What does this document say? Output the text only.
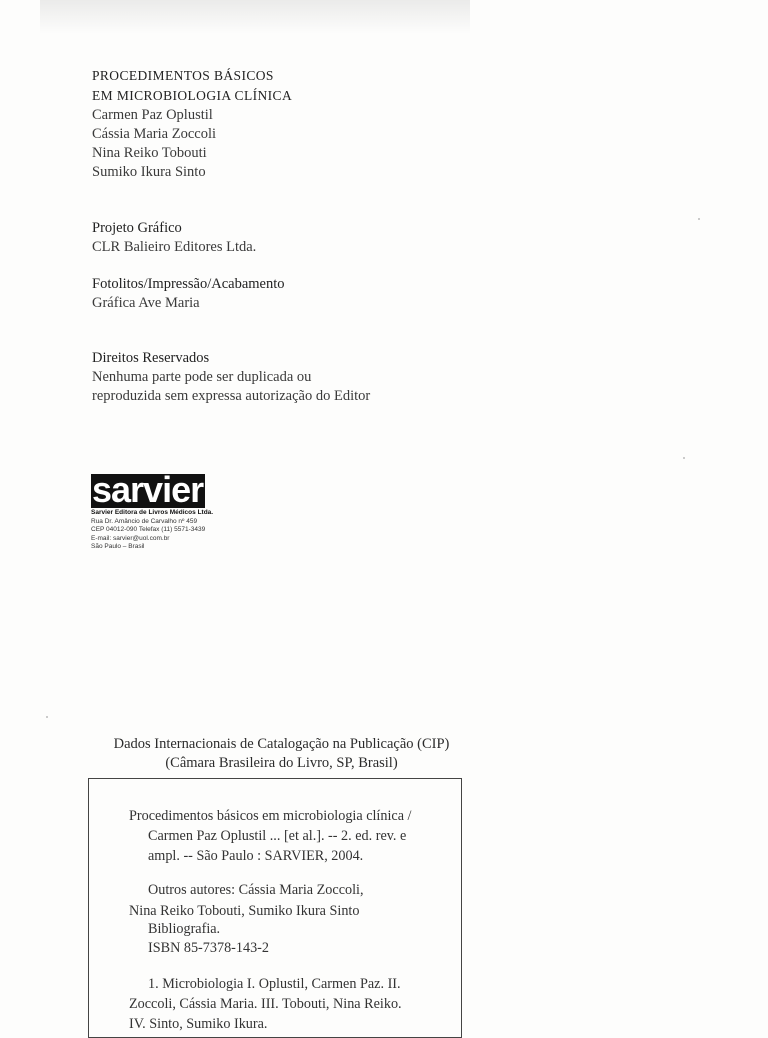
PROCEDIMENTOS BÁSICOS
EM MICROBIOLOGIA CLÍNICA
Carmen Paz Oplustil
Cássia Maria Zoccoli
Nina Reiko Tobouti
Sumiko Ikura Sinto
Projeto Gráfico
CLR Balieiro Editores Ltda.
Fotolitos/Impressão/Acabamento
Gráfica Ave Maria
Direitos Reservados
Nenhuma parte pode ser duplicada ou
reproduzida sem expressa autorização do Editor
sarvier
Sarvier Editora de Livros Médicos Ltda.
Rua Dr. Amâncio de Carvalho nº 459
CEP 04012-090 Telefax (11) 5571-3439
E-mail: sarvier@uol.com.br
São Paulo – Brasil
Dados Internacionais de Catalogação na Publicação (CIP)
(Câmara Brasileira do Livro, SP, Brasil)
Procedimentos básicos em microbiologia clínica /
Carmen Paz Oplustil ... [et al.]. -- 2. ed. rev. e
ampl. -- São Paulo : SARVIER, 2004.
Outros autores: Cássia Maria Zoccoli,
Nina Reiko Tobouti, Sumiko Ikura Sinto
Bibliografia.
ISBN 85-7378-143-2
1. Microbiologia I. Oplustil, Carmen Paz. II.
Zoccoli, Cássia Maria. III. Tobouti, Nina Reiko.
IV. Sinto, Sumiko Ikura.
